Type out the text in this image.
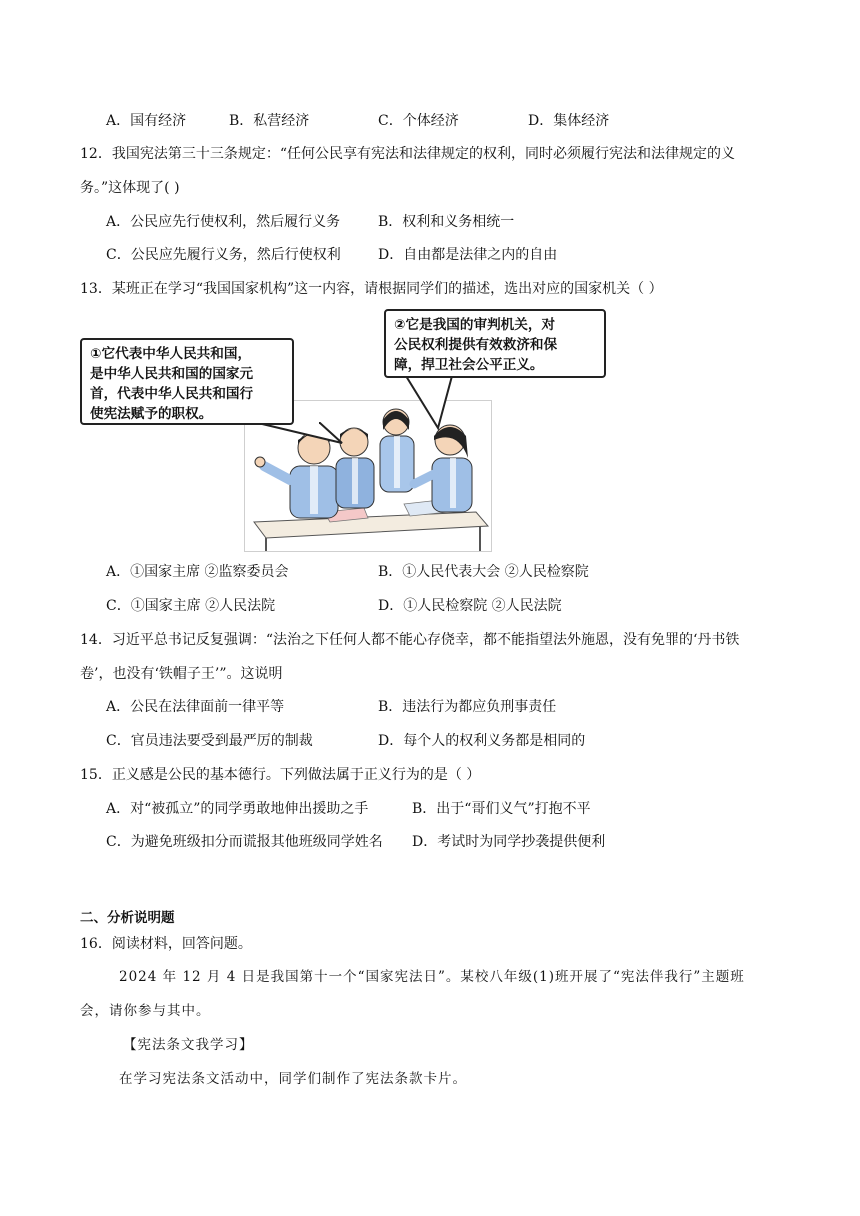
A．国有经济	B．私营经济	C．个体经济	D．集体经济
12．我国宪法第三十三条规定：“任何公民享有宪法和法律规定的权利，同时必须履行宪法和法律规定的义
务。”这体现了( )
A．公民应先行使权利，然后履行义务	B．权利和义务相统一
C．公民应先履行义务，然后行使权利	D．自由都是法律之内的自由
13．某班正在学习“我国国家机构”这一内容，请根据同学们的描述，选出对应的国家机关（ ）
①它代表中华人民共和国，
是中华人民共和国的国家元
首，代表中华人民共和国行
使宪法赋予的职权。
②它是我国的审判机关，对
公民权利提供有效救济和保
障，捍卫社会公平正义。
A．①国家主席 ②监察委员会	B．①人民代表大会 ②人民检察院
C．①国家主席 ②人民法院	D．①人民检察院 ②人民法院
14．习近平总书记反复强调：“法治之下任何人都不能心存侥幸，都不能指望法外施恩，没有免罪的‘丹书铁
卷’，也没有‘铁帽子王’”。这说明
A．公民在法律面前一律平等	B．违法行为都应负刑事责任
C．官员违法要受到最严厉的制裁	D．每个人的权利义务都是相同的
15．正义感是公民的基本德行。下列做法属于正义行为的是（ ）
A．对“被孤立”的同学勇敢地伸出援助之手	B．出于“哥们义气”打抱不平
C．为避免班级扣分而谎报其他班级同学姓名 D．考试时为同学抄袭提供便利
二、分析说明题
16．阅读材料，回答问题。
2024 年 12 月 4 日是我国第十一个“国家宪法日”。某校八年级(1)班开展了“宪法伴我行”主题班
会，请你参与其中。
【宪法条文我学习】
在学习宪法条文活动中，同学们制作了宪法条款卡片。
